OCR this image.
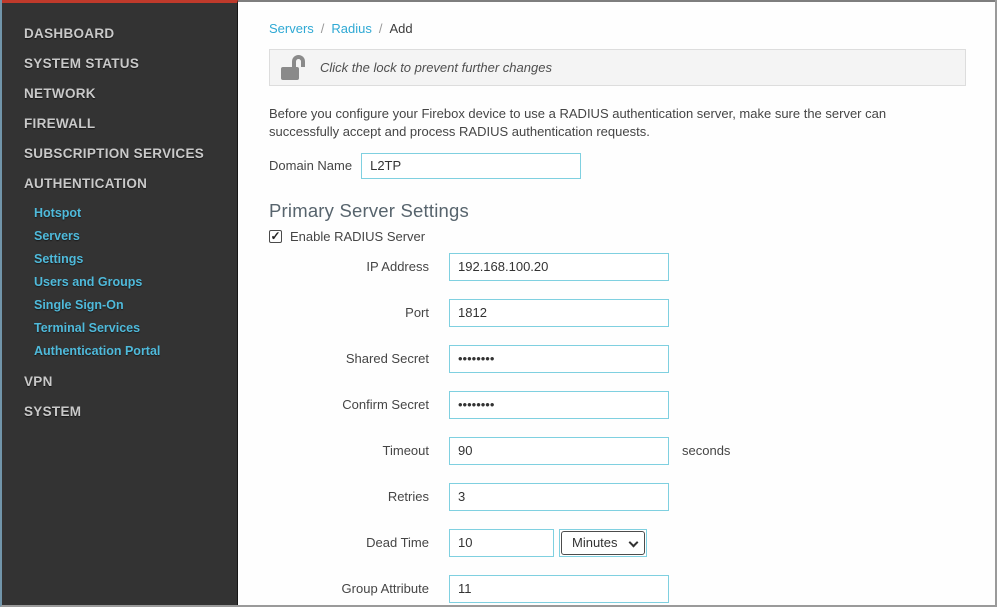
DASHBOARD
SYSTEM STATUS
NETWORK
FIREWALL
SUBSCRIPTION SERVICES
AUTHENTICATION
Hotspot
Servers
Settings
Users and Groups
Single Sign-On
Terminal Services
Authentication Portal
VPN
SYSTEM
Servers / Radius / Add
Click the lock to prevent further changes

Before you configure your Firebox device to use a RADIUS authentication server, make sure the server can successfully accept and process RADIUS authentication requests.

Domain Name
L2TP
Primary Server Settings
✓ Enable RADIUS Server
IP Address
192.168.100.20
Port
1812
Shared Secret
••••••••
Confirm Secret
••••••••
Timeout
90	seconds
Retries
3
Dead Time
10
Minutes
Group Attribute
11
